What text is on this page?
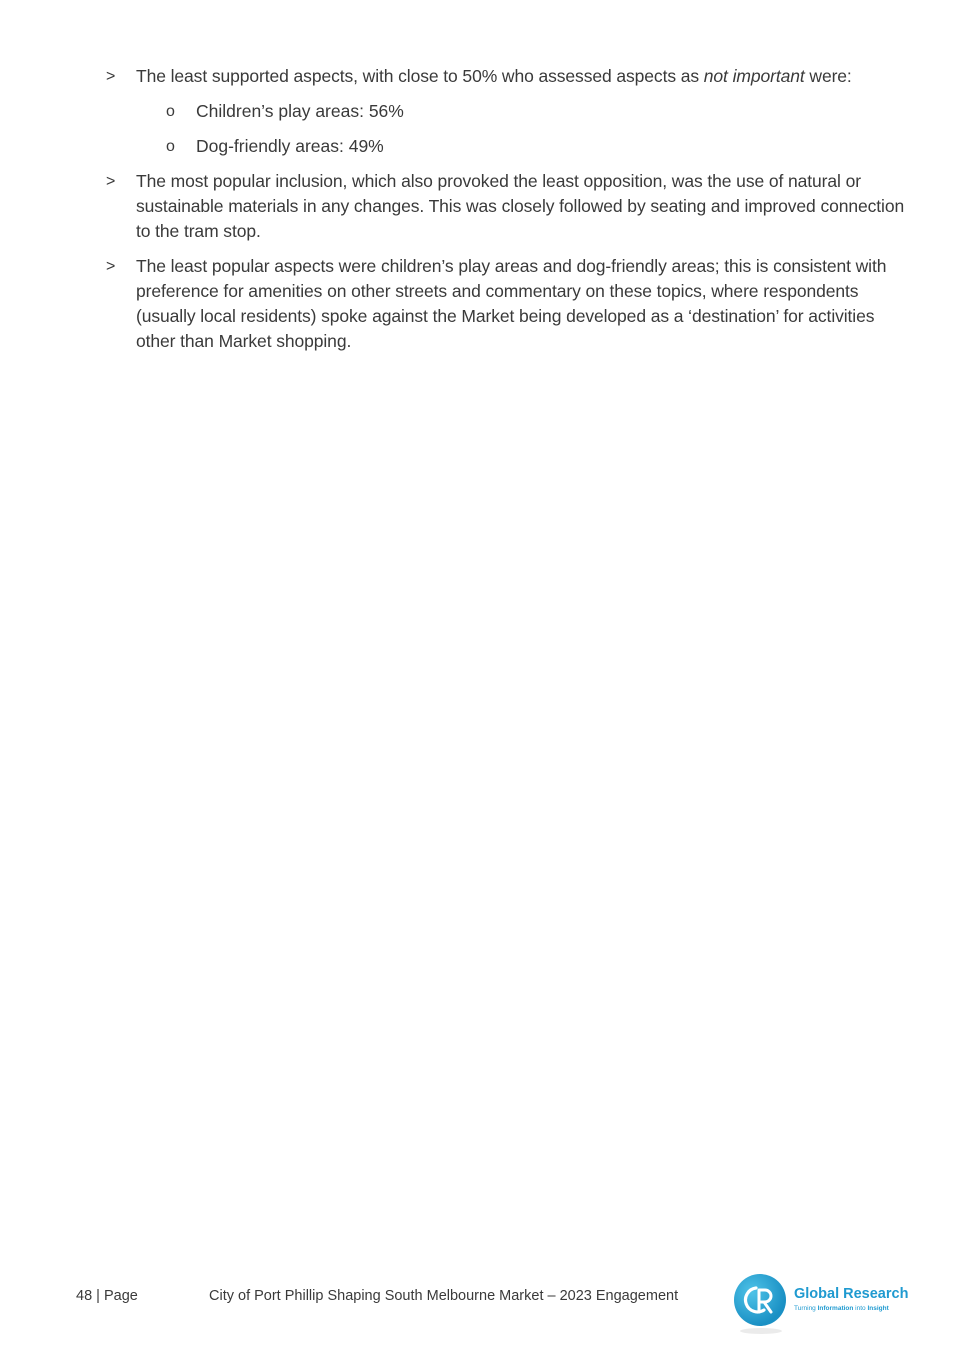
> The least supported aspects, with close to 50% who assessed aspects as not important were:
o Children’s play areas: 56%
o Dog-friendly areas: 49%
> The most popular inclusion, which also provoked the least opposition, was the use of natural or sustainable materials in any changes. This was closely followed by seating and improved connection to the tram stop.
> The least popular aspects were children’s play areas and dog-friendly areas; this is consistent with preference for amenities on other streets and commentary on these topics, where respondents (usually local residents) spoke against the Market being developed as a ‘destination’ for activities other than Market shopping.
48 | Page	City of Port Phillip Shaping South Melbourne Market – 2023 Engagement	Global Research
Turning Information into Insight
